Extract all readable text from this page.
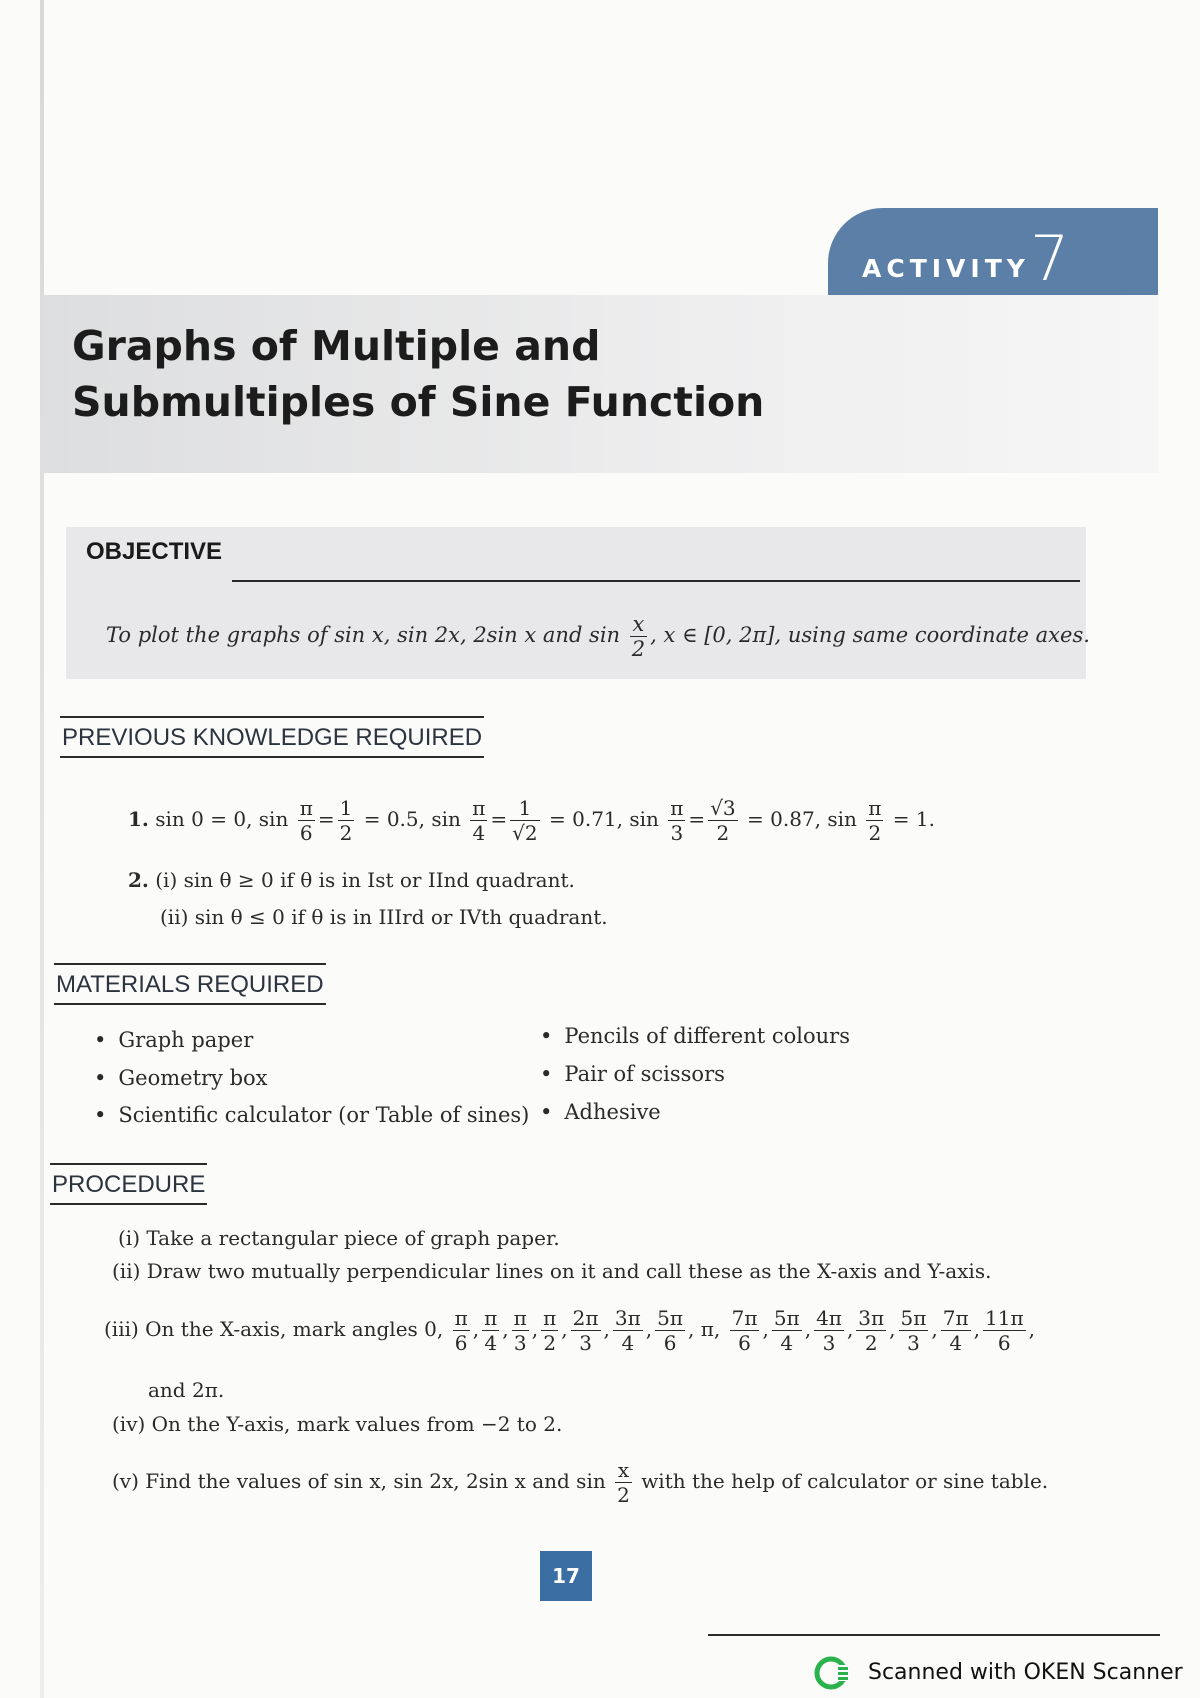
ACTIVITY 7
Graphs of Multiple and Submultiples of Sine Function
OBJECTIVE
To plot the graphs of sin x, sin 2x, 2sin x and $\sin \frac{x}{2}$ , x ∈ [0, 2π], using same coordinate axes.
PREVIOUS KNOWLEDGE REQUIRED
1. sin 0 = 0, $\sin \frac{\pi}{6} = \frac{1}{2} = 0.5$, $\sin \frac{\pi}{4} = \frac{1}{√2} = 0.71$, $\sin \frac{\pi}{3} = \frac{√3}{2} = 0.87$, $\sin \frac{\pi}{2} = 1$.
2. (i) sin θ ≥ 0 if θ is in Ist or IInd quadrant.
(ii) sin θ ≤ 0 if θ is in IIIrd or IVth quadrant.
MATERIALS REQUIRED
• Graph paper
• Geometry box
• Scientific calculator (or Table of sines)
• Pencils of different colours
• Pair of scissors
• Adhesive
PROCEDURE
(i) Take a rectangular piece of graph paper.
(ii) Draw two mutually perpendicular lines on it and call these as the X-axis and Y-axis.
(iii) On the X-axis, mark angles 0, $\frac{\pi}{6}$ , $\frac{\pi}{4}$ , $\frac{\pi}{3}$ , $\frac{\pi}{2}$ , $\frac{2\pi}{3}$ , $\frac{3\pi}{4}$ , $\frac{5\pi}{6}$ , π, $\frac{7\pi}{6}$ , $\frac{5\pi}{4}$ , $\frac{4\pi}{3}$ , $\frac{3\pi}{2}$ , $\frac{5\pi}{3}$ , $\frac{7\pi}{4}$ , $\frac{11\pi}{6}$ ,
and 2π.
(iv) On the Y-axis, mark values from −2 to 2.
(v) Find the values of sin x, sin 2x, 2sin x and $\sin \frac{x}{2}$ with the help of calculator or sine table.
17
Scanned with OKEN Scanner
